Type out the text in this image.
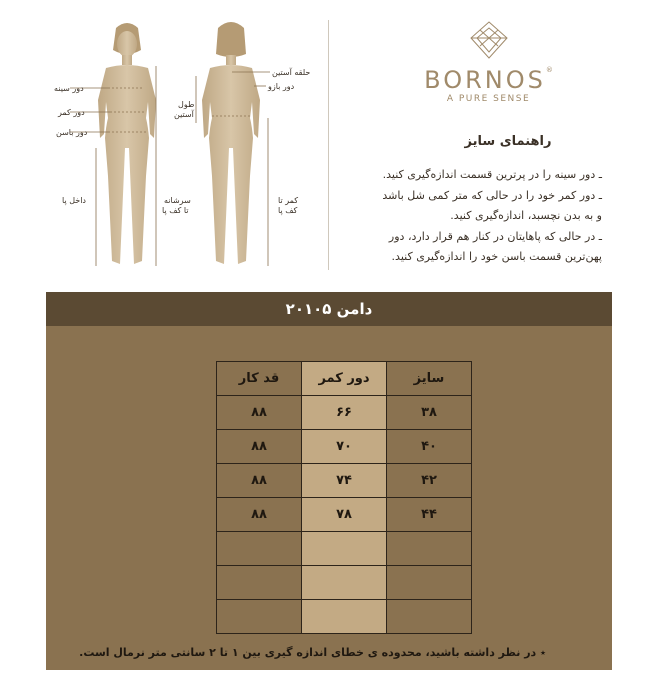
دور سینه
دور کمر
دور باسن
داخل پا
طول
آستین
حلقه آستین
دور بازو
سرشانه
تا کف پا
کمر تا
کف پا
BORNOS®
A PURE SENSE
راهنمای سایز

ـ دور سینه را در پرترین قسمت اندازه‌گیری کنید.

ـ دور کمر خود را در حالی که متر کمی شل باشد

و به بدن نچسبد، اندازه‌گیری کنید.

ـ در حالی که پاهایتان در کنار هم قرار دارد، دور

پهن‌ترین قسمت باسن خود را اندازه‌گیری کنید.

دامن ۲۰۱۰۵
سایز	دور کمر	قد کار
۳۸	۶۶	۸۸
۴۰	۷۰	۸۸
۴۲	۷۴	۸۸
۴۴	۷۸	۸۸

٭ در نظر داشته باشید، محدوده ی خطای اندازه گیری بین ۱ تا ۲ سانتی متر نرمال است.
